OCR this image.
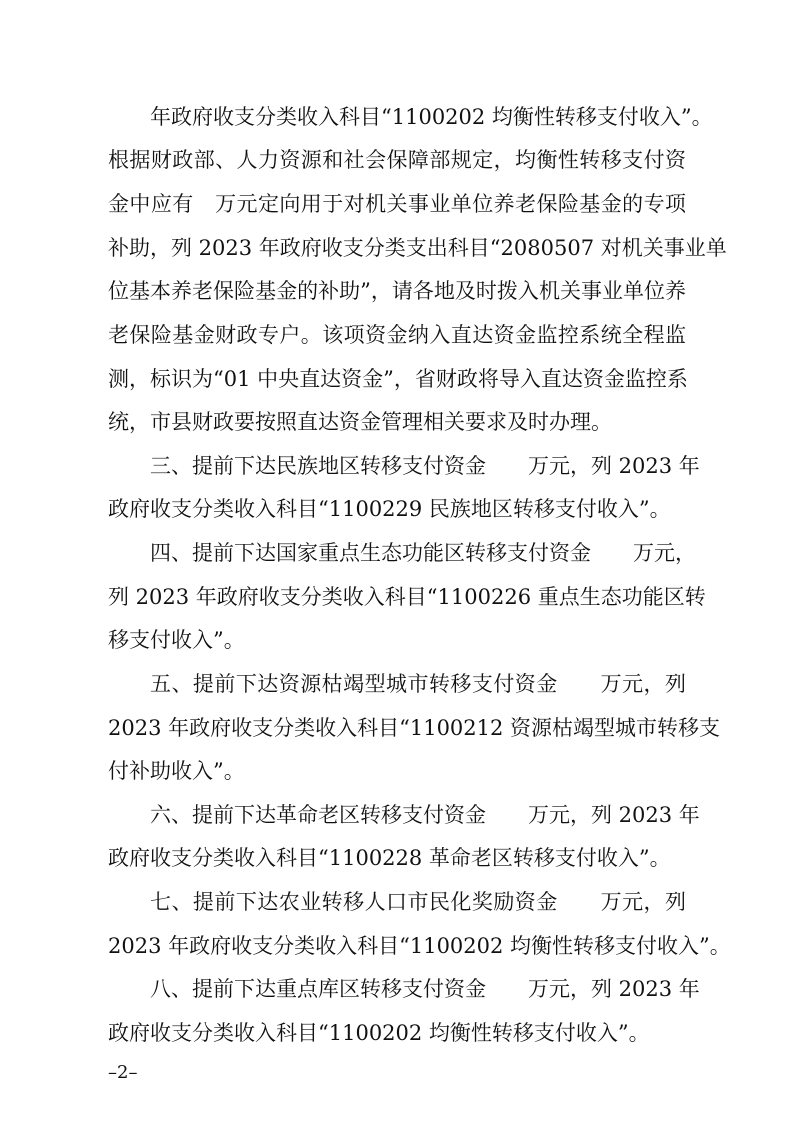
年政府收支分类收入科目“1100202 均衡性转移支付收入”。
根据财政部、人力资源和社会保障部规定，均衡性转移支付资
金中应有　万元定向用于对机关事业单位养老保险基金的专项
补助，列 2023 年政府收支分类支出科目“2080507 对机关事业单
位基本养老保险基金的补助”，请各地及时拨入机关事业单位养
老保险基金财政专户。该项资金纳入直达资金监控系统全程监
测，标识为“01 中央直达资金”，省财政将导入直达资金监控系
统，市县财政要按照直达资金管理相关要求及时办理。
三、提前下达民族地区转移支付资金　　万元，列 2023 年
政府收支分类收入科目“1100229 民族地区转移支付收入”。
四、提前下达国家重点生态功能区转移支付资金　　万元，
列 2023 年政府收支分类收入科目“1100226 重点生态功能区转
移支付收入”。
五、提前下达资源枯竭型城市转移支付资金　　万元，列
2023 年政府收支分类收入科目“1100212 资源枯竭型城市转移支
付补助收入”。
六、提前下达革命老区转移支付资金　　万元，列 2023 年
政府收支分类收入科目“1100228 革命老区转移支付收入”。
七、提前下达农业转移人口市民化奖励资金　　万元，列
2023 年政府收支分类收入科目“1100202 均衡性转移支付收入”。
八、提前下达重点库区转移支付资金　　万元，列 2023 年
政府收支分类收入科目“1100202 均衡性转移支付收入”。
–2–
